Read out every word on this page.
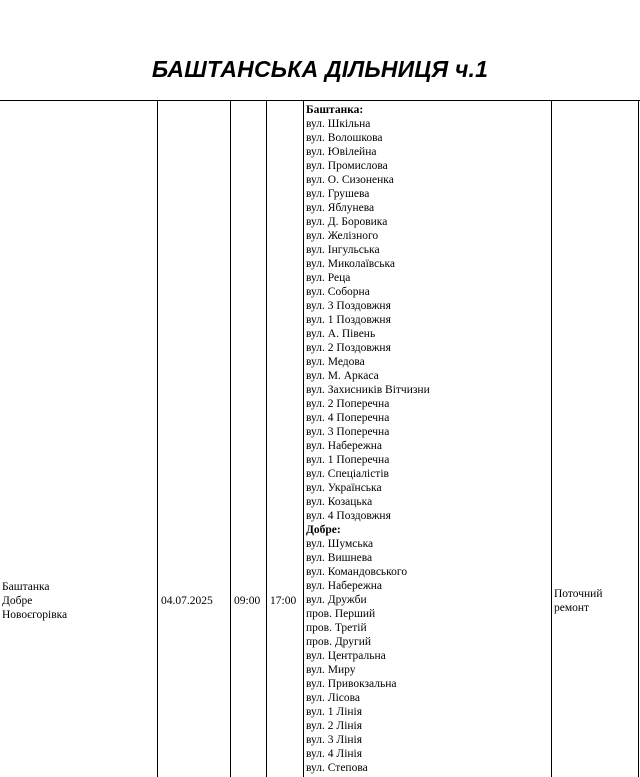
БАШТАНСЬКА ДІЛЬНИЦЯ ч.1
Баштанка
Добре
Новоєгорівка
04.07.2025	09:00 17:00
Поточний
ремонт
Баштанка:
вул. Шкільна
вул. Волошкова
вул. Ювілейна
вул. Промислова
вул. О. Сизоненка
вул. Грушева
вул. Яблунева
вул. Д. Боровика
вул. Желізного
вул. Інгульська
вул. Миколаївська
вул. Реца
вул. Соборна
вул. 3 Поздовжня
вул. 1 Поздовжня
вул. А. Півень
вул. 2 Поздовжня
вул. Медова
вул. М. Аркаса
вул. Захисників Вітчизни
вул. 2 Поперечна
вул. 4 Поперечна
вул. 3 Поперечна
вул. Набережна
вул. 1 Поперечна
вул. Спеціалістів
вул. Українська
вул. Козацька
вул. 4 Поздовжня
Добре:
вул. Шумська
вул. Вишнева
вул. Командовського
вул. Набережна
вул. Дружби
пров. Перший
пров. Третій
пров. Другий
вул. Центральна
вул. Миру
вул. Привокзальна
вул. Лісова
вул. 1 Лінія
вул. 2 Лінія
вул. 3 Лінія
вул. 4 Лінія
вул. Степова
